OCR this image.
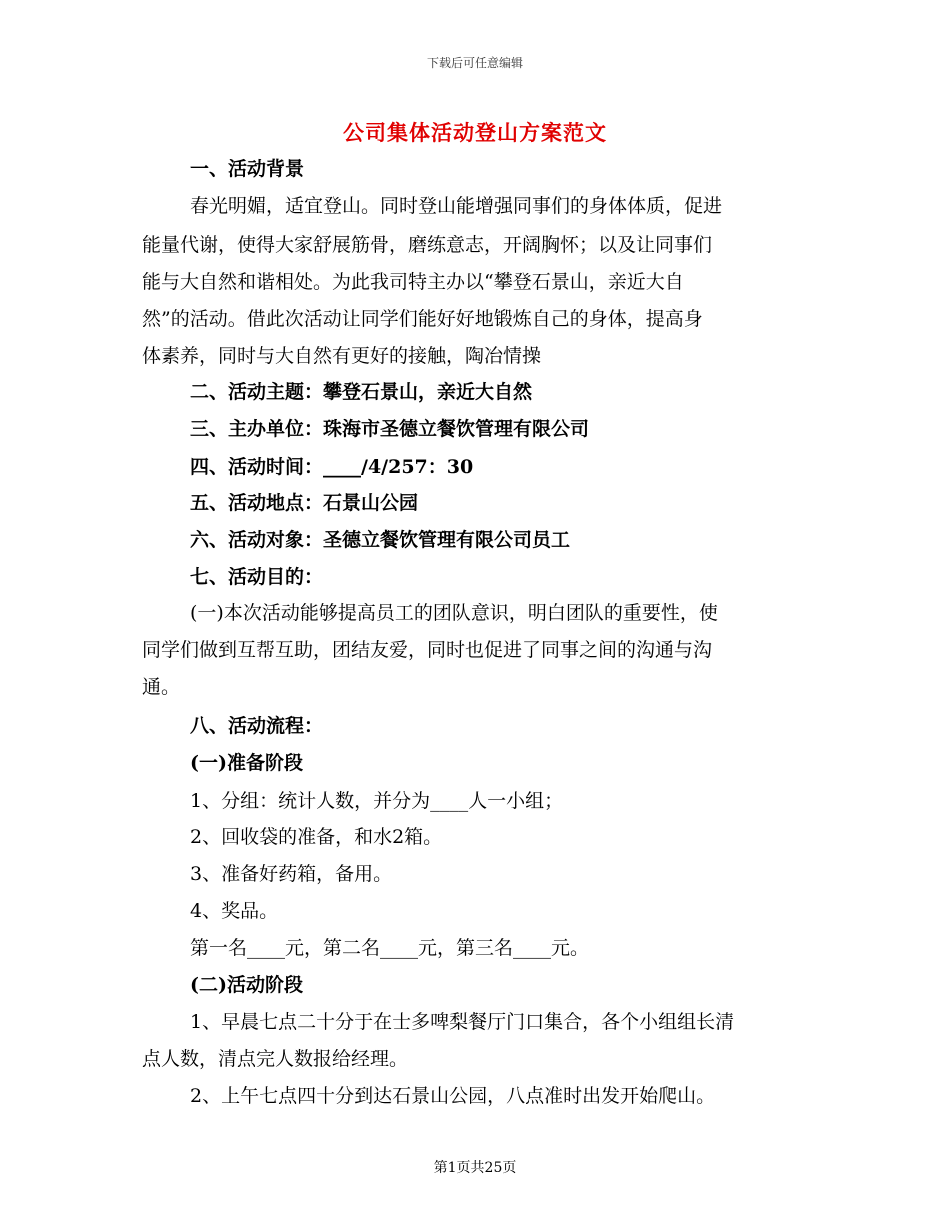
下载后可任意编辑
公司集体活动登山方案范文
一、活动背景
春光明媚，适宜登山。同时登山能增强同事们的身体体质，促进
能量代谢，使得大家舒展筋骨，磨练意志，开阔胸怀；以及让同事们
能与大自然和谐相处。为此我司特主办以“攀登石景山，亲近大自
然”的活动。借此次活动让同学们能好好地锻炼自己的身体，提高身
体素养，同时与大自然有更好的接触，陶冶情操
二、活动主题：攀登石景山，亲近大自然
三、主办单位：珠海市圣德立餐饮管理有限公司
四、活动时间：____/4/257：30
五、活动地点：石景山公园
六、活动对象：圣德立餐饮管理有限公司员工
七、活动目的：
(一)本次活动能够提高员工的团队意识，明白团队的重要性，使
同学们做到互帮互助，团结友爱，同时也促进了同事之间的沟通与沟
通。
八、活动流程：
(一)准备阶段
1、分组：统计人数，并分为____人一小组；
2、回收袋的准备，和水2箱。
3、准备好药箱，备用。
4、奖品。
第一名____元，第二名____元，第三名____元。
(二)活动阶段
1、早晨七点二十分于在士多啤梨餐厅门口集合，各个小组组长清
点人数，清点完人数报给经理。
2、上午七点四十分到达石景山公园，八点准时出发开始爬山。
第1页共25页
